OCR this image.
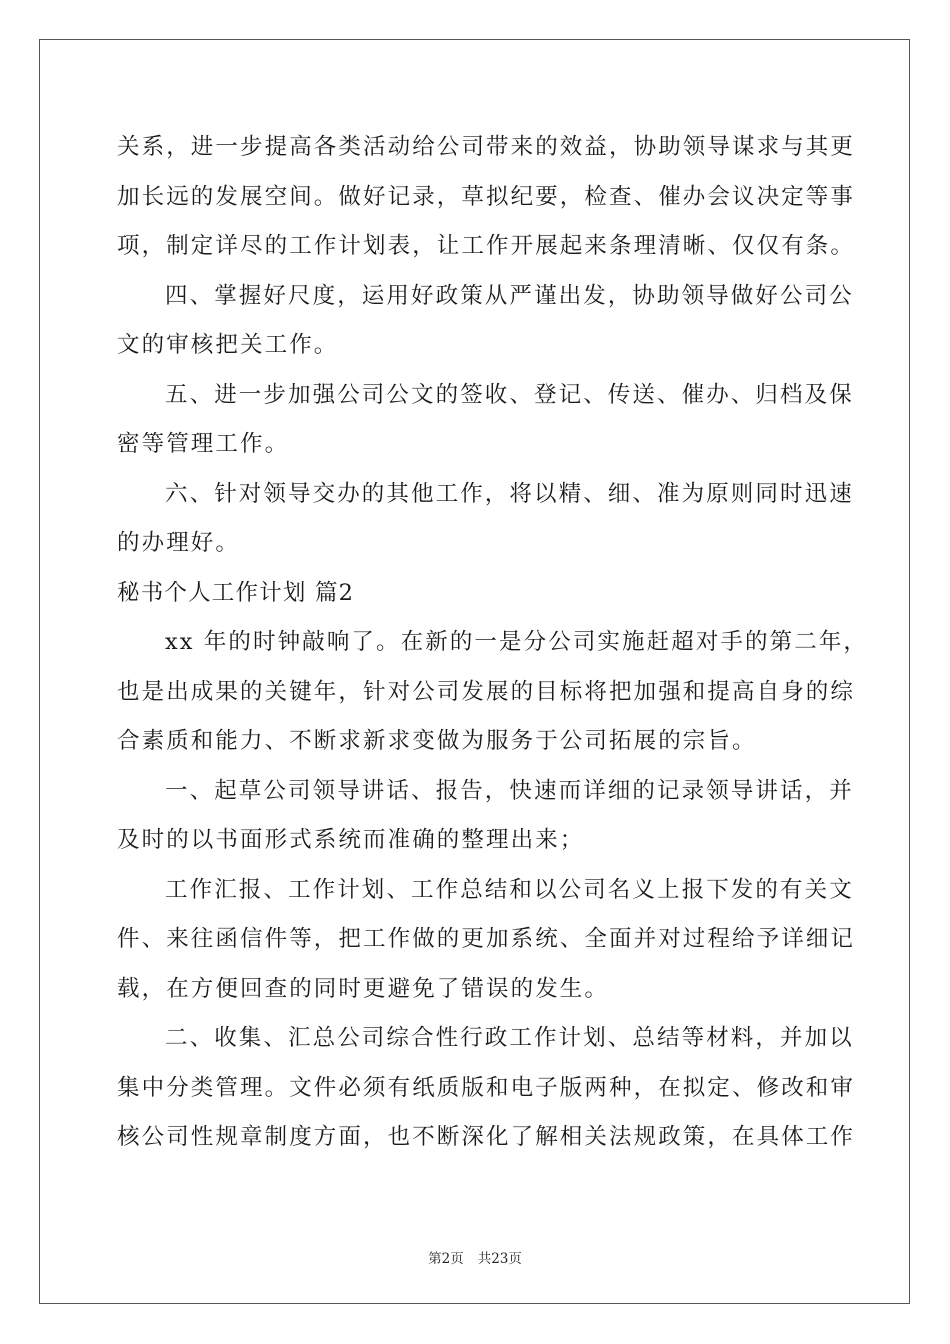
关系，进一步提高各类活动给公司带来的效益，协助领导谋求与其更
加长远的发展空间。做好记录，草拟纪要，检查、催办会议决定等事
项，制定详尽的工作计划表，让工作开展起来条理清晰、仅仅有条。
四、掌握好尺度，运用好政策从严谨出发，协助领导做好公司公
文的审核把关工作。
五、进一步加强公司公文的签收、登记、传送、催办、归档及保
密等管理工作。
六、针对领导交办的其他工作，将以精、细、准为原则同时迅速
的办理好。
秘书个人工作计划 篇2
xx 年的时钟敲响了。在新的一是分公司实施赶超对手的第二年，
也是出成果的关键年，针对公司发展的目标将把加强和提高自身的综
合素质和能力、不断求新求变做为服务于公司拓展的宗旨。
一、起草公司领导讲话、报告，快速而详细的记录领导讲话，并
及时的以书面形式系统而准确的整理出来；
工作汇报、工作计划、工作总结和以公司名义上报下发的有关文
件、来往函信件等，把工作做的更加系统、全面并对过程给予详细记
载，在方便回查的同时更避免了错误的发生。
二、收集、汇总公司综合性行政工作计划、总结等材料，并加以
集中分类管理。文件必须有纸质版和电子版两种，在拟定、修改和审
核公司性规章制度方面，也不断深化了解相关法规政策，在具体工作
第2页 共23页
